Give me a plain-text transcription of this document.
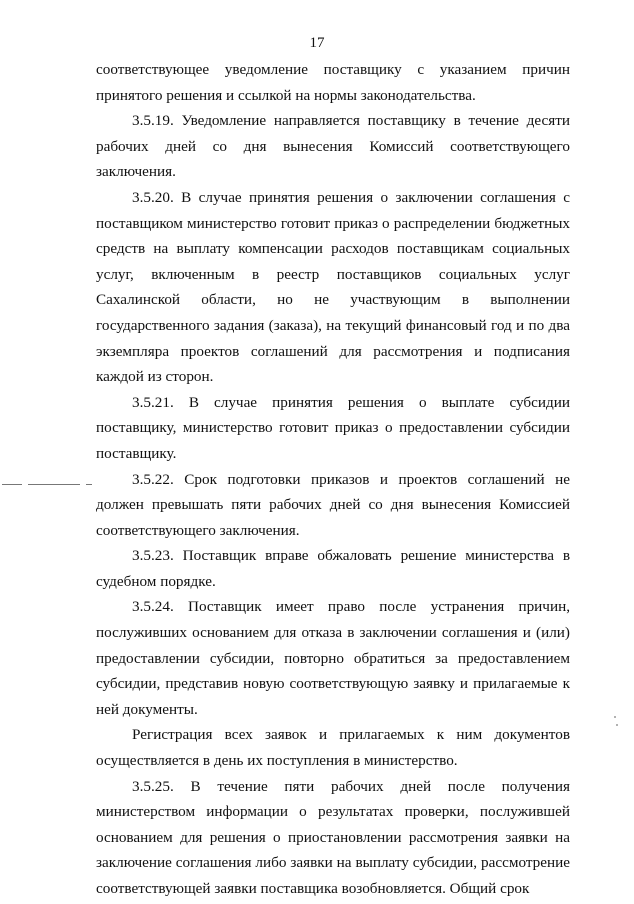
17

соответствующее уведомление поставщику с указанием причин принятого решения и ссылкой на нормы законодательства.

3.5.19. Уведомление направляется поставщику в течение десяти рабочих дней со дня вынесения Комиссий соответствующего заключения.

3.5.20. В случае принятия решения о заключении соглашения с поставщиком министерство готовит приказ о распределении бюджетных средств на выплату компенсации расходов поставщикам социальных услуг, включенным в реестр поставщиков социальных услуг Сахалинской области, но не участвующим в выполнении государственного задания (заказа), на текущий финансовый год и по два экземпляра проектов соглашений для рассмотрения и подписания каждой из сторон.

3.5.21. В случае принятия решения о выплате субсидии поставщику, министерство готовит приказ о предоставлении субсидии поставщику.

3.5.22. Срок подготовки приказов и проектов соглашений не должен превышать пяти рабочих дней со дня вынесения Комиссией соответствующего заключения.

3.5.23. Поставщик вправе обжаловать решение министерства в судебном порядке.

3.5.24. Поставщик имеет право после устранения причин, послуживших основанием для отказа в заключении соглашения и (или) предоставлении субсидии, повторно обратиться за предоставлением субсидии, представив новую соответствующую заявку и прилагаемые к ней документы.

Регистрация всех заявок и прилагаемых к ним документов осуществляется в день их поступления в министерство.

3.5.25. В течение пяти рабочих дней после получения министерством информации о результатах проверки, послужившей основанием для решения о приостановлении рассмотрения заявки на заключение соглашения либо заявки на выплату субсидии, рассмотрение соответствующей заявки поставщика возобновляется. Общий срок
